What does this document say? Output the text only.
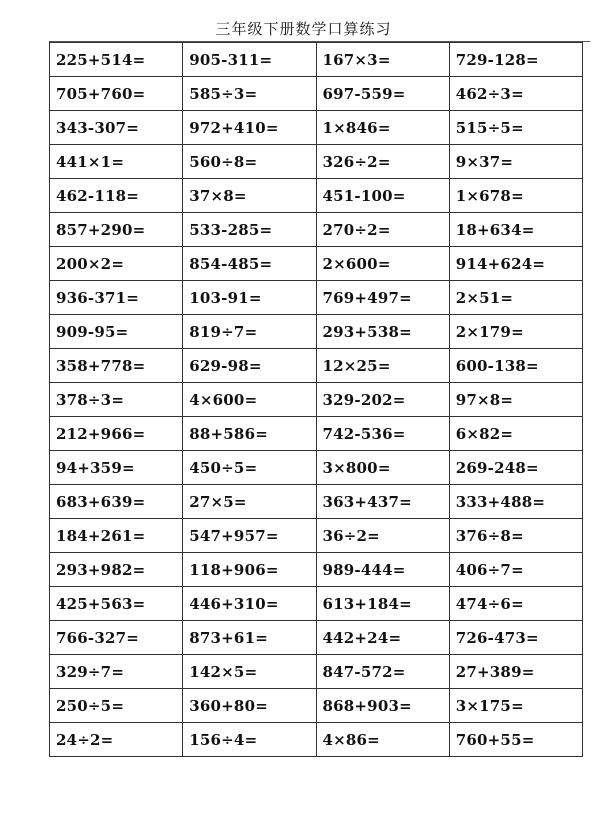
三年级下册数学口算练习
225+514=	905-311=	167×3=	729-128=
705+760=	585÷3=	697-559=	462÷3=
343-307=	972+410=	1×846=	515÷5=
441×1=	560÷8=	326÷2=	9×37=
462-118=	37×8=	451-100=	1×678=
857+290=	533-285=	270÷2=	18+634=
200×2=	854-485=	2×600=	914+624=
936-371=	103-91=	769+497=	2×51=
909-95=	819÷7=	293+538=	2×179=
358+778=	629-98=	12×25=	600-138=
378÷3=	4×600=	329-202=	97×8=
212+966=	88+586=	742-536=	6×82=
94+359=	450÷5=	3×800=	269-248=
683+639=	27×5=	363+437=	333+488=
184+261=	547+957=	36÷2=	376÷8=
293+982=	118+906=	989-444=	406÷7=
425+563=	446+310=	613+184=	474÷6=
766-327=	873+61=	442+24=	726-473=
329÷7=	142×5=	847-572=	27+389=
250÷5=	360+80=	868+903=	3×175=
24÷2=	156÷4=	4×86=	760+55=
